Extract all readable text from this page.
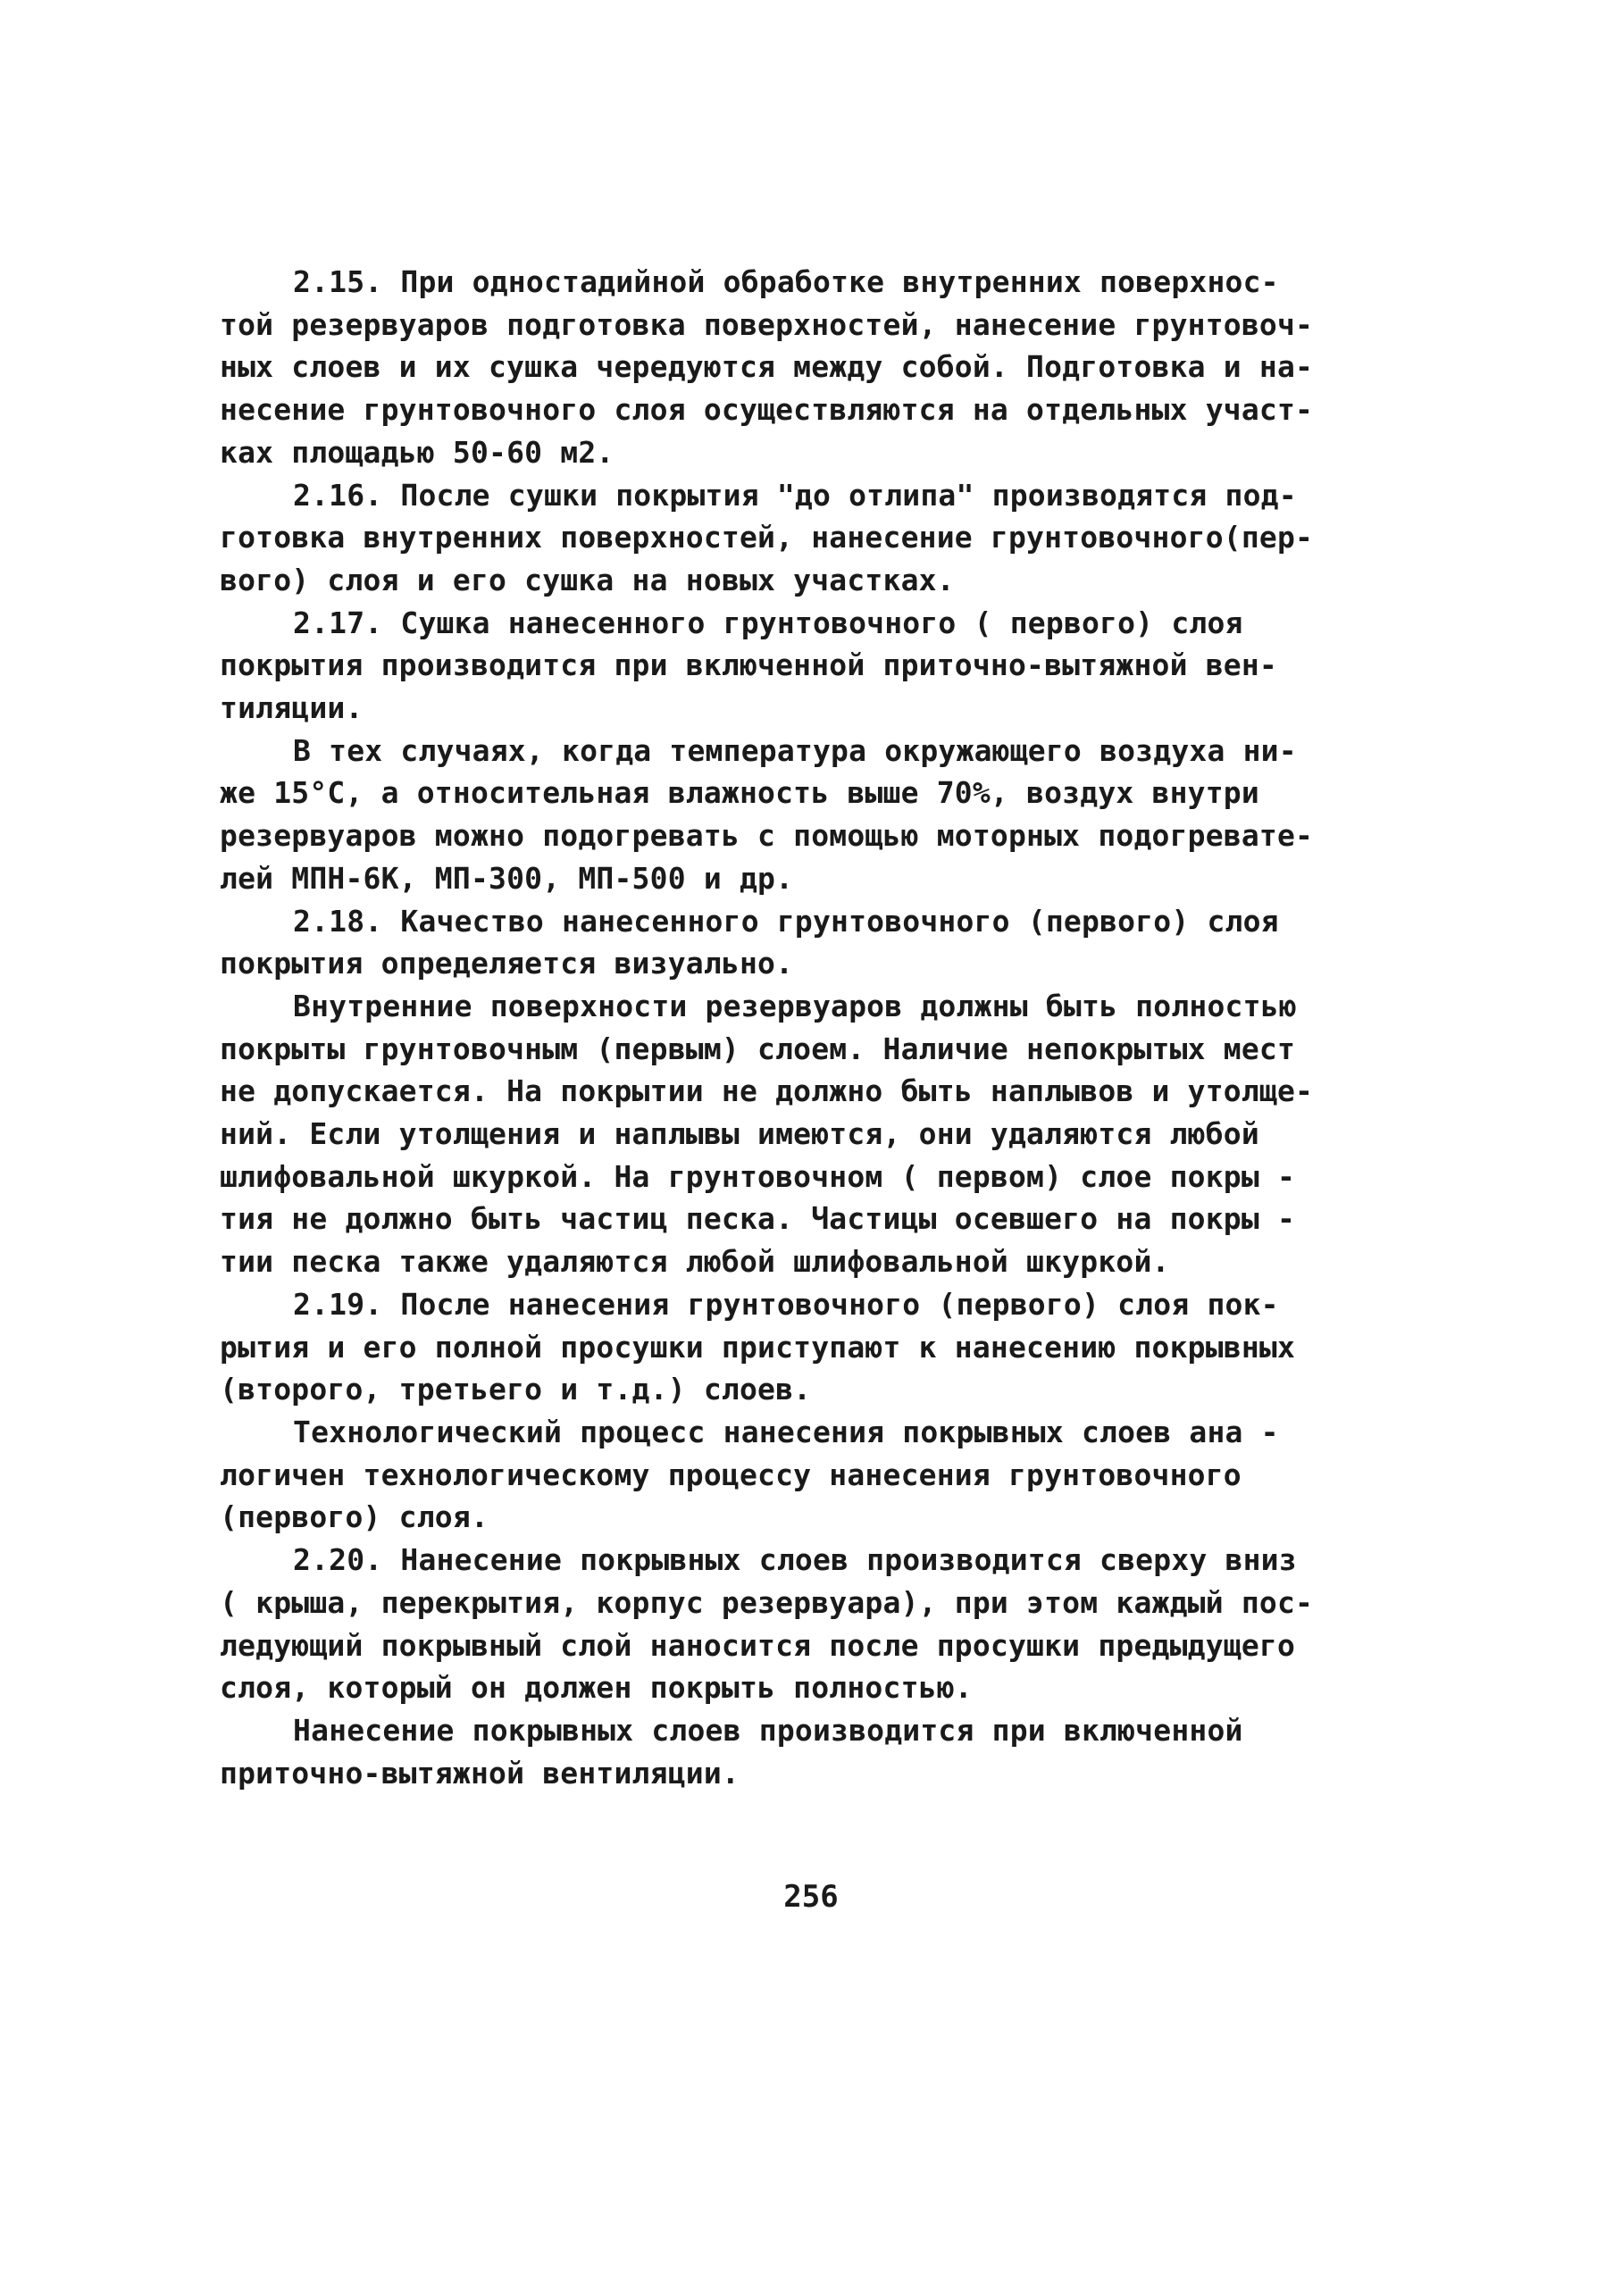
2.15. При одностадийной обработке внутренних поверхнос-
той резервуаров подготовка поверхностей, нанесение грунтовоч-
ных слоев и их сушка чередуются между собой. Подготовка и на-
несение грунтовочного слоя осуществляются на отдельных участ-
ках площадью 50-60 м2.

2.16. После сушки покрытия "до отлипа" производятся под-
готовка внутренних поверхностей, нанесение грунтовочного(пер-
вого) слоя и его сушка на новых участках.

2.17. Сушка нанесенного грунтовочного ( первого) слоя
покрытия производится при включенной приточно-вытяжной вен-
тиляции.

В тех случаях, когда температура окружающего воздуха ни-
же 15°С, а относительная влажность выше 70%, воздух внутри
резервуаров можно подогревать с помощью моторных подогревате-
лей МПН-6К, МП-300, МП-500 и др.

2.18. Качество нанесенного грунтовочного (первого) слоя
покрытия определяется визуально.

Внутренние поверхности резервуаров должны быть полностью
покрыты грунтовочным (первым) слоем. Наличие непокрытых мест
не допускается. На покрытии не должно быть наплывов и утолще-
ний. Если утолщения и наплывы имеются, они удаляются любой
шлифовальной шкуркой. На грунтовочном ( первом) слое покры -
тия не должно быть частиц песка. Частицы осевшего на покры -
тии песка также удаляются любой шлифовальной шкуркой.

2.19. После нанесения грунтовочного (первого) слоя пок-
рытия и его полной просушки приступают к нанесению покрывных
(второго, третьего и т.д.) слоев.

Технологический процесс нанесения покрывных слоев ана -
логичен технологическому процессу нанесения грунтовочного
(первого) слоя.

2.20. Нанесение покрывных слоев производится сверху вниз
( крыша, перекрытия, корпус резервуара), при этом каждый пос-
ледующий покрывный слой наносится после просушки предыдущего
слоя, который он должен покрыть полностью.

Нанесение покрывных слоев производится при включенной
приточно-вытяжной вентиляции.

256
